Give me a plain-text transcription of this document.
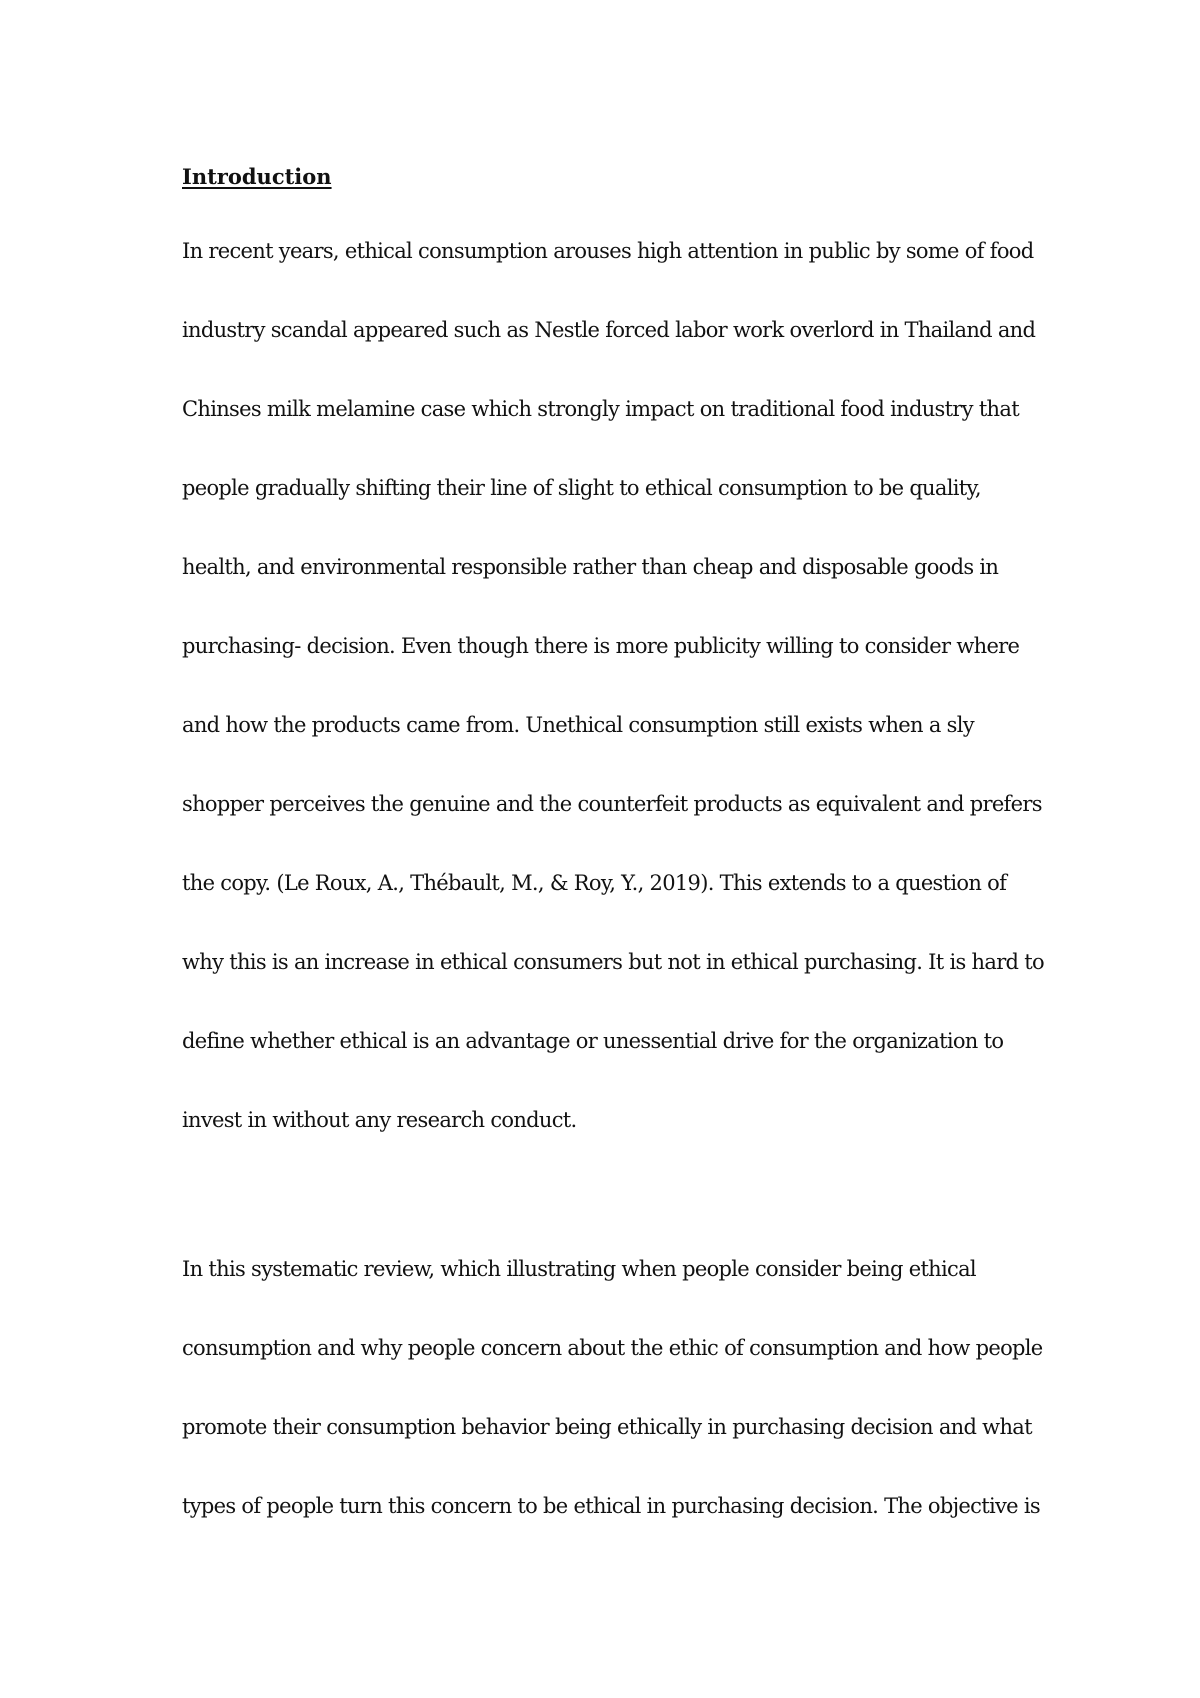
Introduction
In recent years, ethical consumption arouses high attention in public by some of food
industry scandal appeared such as Nestle forced labor work overlord in Thailand and
Chinses milk melamine case which strongly impact on traditional food industry that
people gradually shifting their line of slight to ethical consumption to be quality,
health, and environmental responsible rather than cheap and disposable goods in
purchasing- decision. Even though there is more publicity willing to consider where
and how the products came from. Unethical consumption still exists when a sly
shopper perceives the genuine and the counterfeit products as equivalent and prefers
the copy. (Le Roux, A., Thébault, M., & Roy, Y., 2019). This extends to a question of
why this is an increase in ethical consumers but not in ethical purchasing. It is hard to
define whether ethical is an advantage or unessential drive for the organization to
invest in without any research conduct.
In this systematic review, which illustrating when people consider being ethical
consumption and why people concern about the ethic of consumption and how people
promote their consumption behavior being ethically in purchasing decision and what
types of people turn this concern to be ethical in purchasing decision. The objective is
